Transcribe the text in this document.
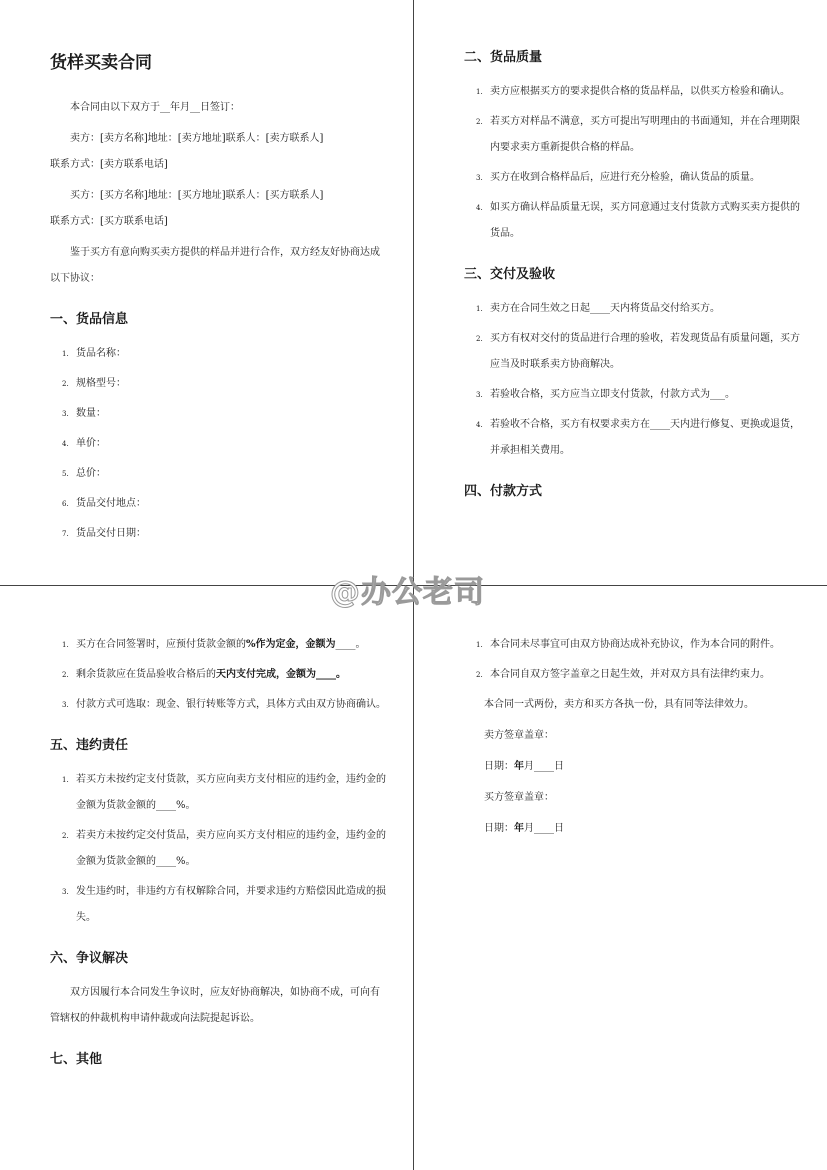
货样买卖合同
本合同由以下双方于__年月__日签订：
卖方：[卖方名称]地址：[卖方地址]联系人：[卖方联系人]
联系方式：[卖方联系电话]
买方：[买方名称]地址：[买方地址]联系人：[买方联系人]
联系方式：[买方联系电话]
鉴于买方有意向购买卖方提供的样品并进行合作，双方经友好协商达成以下协议：
一、货品信息
1. 货品名称：
2. 规格型号：
3. 数量：
4. 单价：
5. 总价：
6. 货品交付地点：
7. 货品交付日期：
二、货品质量
1. 卖方应根据买方的要求提供合格的货品样品，以供买方检验和确认。
2. 若买方对样品不满意，买方可提出写明理由的书面通知，并在合理期限内要求卖方重新提供合格的样品。
3. 买方在收到合格样品后，应进行充分检验，确认货品的质量。
4. 如买方确认样品质量无误，买方同意通过支付货款方式购买卖方提供的货品。
三、交付及验收
1. 卖方在合同生效之日起____天内将货品交付给买方。
2. 买方有权对交付的货品进行合理的验收，若发现货品有质量问题，买方应当及时联系卖方协商解决。
3. 若验收合格，买方应当立即支付货款，付款方式为___。
4. 若验收不合格，买方有权要求卖方在____天内进行修复、更换或退货，并承担相关费用。
四、付款方式
1. 买方在合同签署时，应预付货款金额的%作为定金，金额为____。
2. 剩余货款应在货品验收合格后的天内支付完成，金额为____。
3. 付款方式可选取：现金、银行转账等方式，具体方式由双方协商确认。
五、违约责任
1. 若买方未按约定支付货款，买方应向卖方支付相应的违约金，违约金的金额为货款金额的____%。
2. 若卖方未按约定交付货品，卖方应向买方支付相应的违约金，违约金的金额为货款金额的____%。
3. 发生违约时，非违约方有权解除合同，并要求违约方赔偿因此造成的损失。
六、争议解决
双方因履行本合同发生争议时，应友好协商解决，如协商不成，可向有管辖权的仲裁机构申请仲裁或向法院提起诉讼。
七、其他
1. 本合同未尽事宜可由双方协商达成补充协议，作为本合同的附件。
2. 本合同自双方签字盖章之日起生效，并对双方具有法律约束力。
本合同一式两份，卖方和买方各执一份，具有同等法律效力。
卖方签章盖章：
日期：年月____日
买方签章盖章：
日期：年月____日
@办公老司
